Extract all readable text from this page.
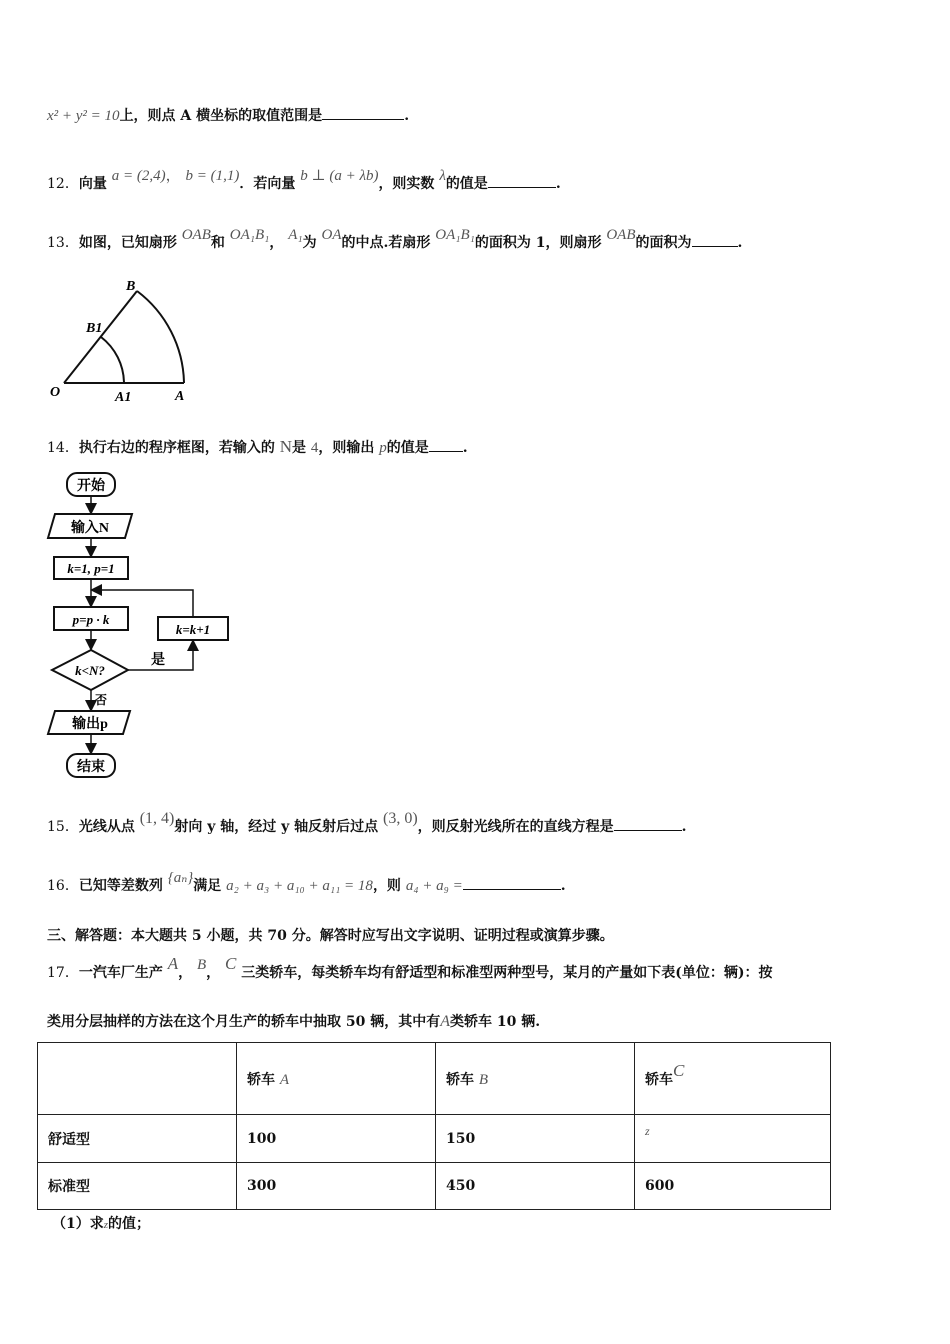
x² + y² = 10上，则点 A 横坐标的取值范围是	.
12．向量 a = (2,4)， b = (1,1)．若向量 b ⊥ (a + λb)，则实数 λ的值是	.
13．如图，已知扇形 OAB和 OA₁B₁， A₁为 OA的中点.若扇形 OA₁B₁的面积为 1，则扇形 OAB的面积为	.
B
B1
O	A1	A
14．执行右边的程序框图，若输入的 N是 4，则输出 p的值是 .
开始
输入N
k=1, p=1
p=p · k
k=k+1
k<N?
是
否
输出p
结束
15．光线从点 (1, 4)射向 y 轴，经过 y 轴反射后过点 (3, 0)，则反射光线所在的直线方程是	.
16．已知等差数列 {aₙ}满足 a₂ + a₃ + a₁₀ + a₁₁ = 18，则 a₄ + a₉ =	.
三、解答题：本大题共 5 小题，共 70 分。解答时应写出文字说明、证明过程或演算步骤。
17．一汽车厂生产 A， B， C 三类轿车，每类轿车均有舒适型和标准型两种型号，某月的产量如下表(单位：辆)：按
类用分层抽样的方法在这个月生产的轿车中抽取 50 辆，其中有A类轿车 10 辆.
	轿车 A	轿车 B	轿车C
舒适型	100	150	z
标准型	300	450	600
（1）求z的值；
